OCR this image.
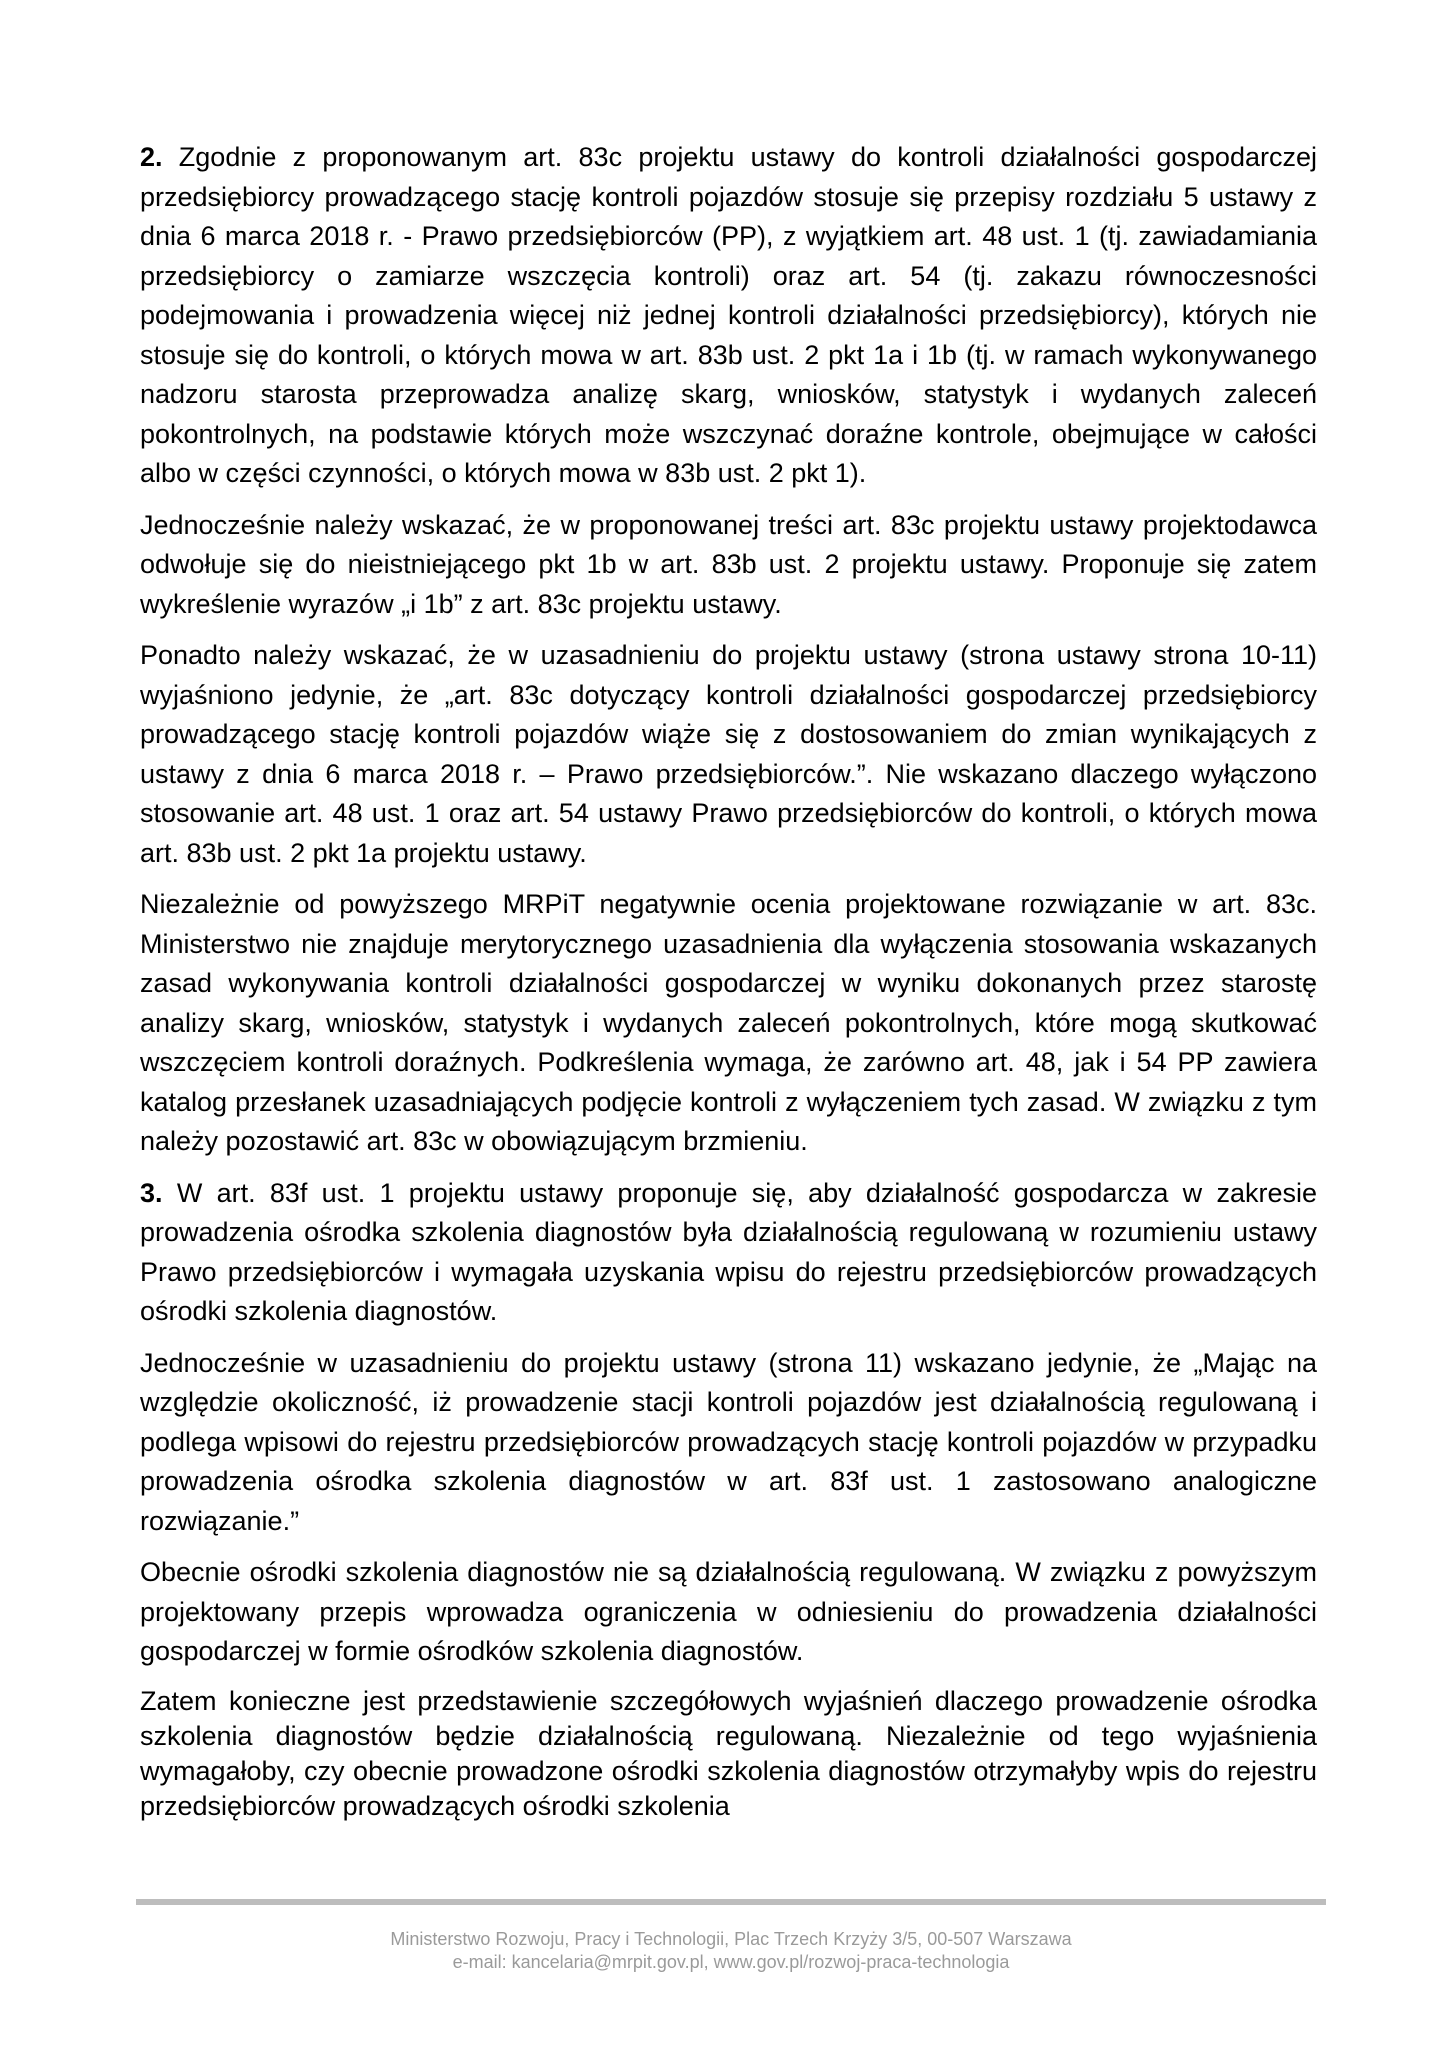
2. Zgodnie z proponowanym art. 83c projektu ustawy do kontroli działalności gospodarczej przedsiębiorcy prowadzącego stację kontroli pojazdów stosuje się przepisy rozdziału 5 ustawy z dnia 6 marca 2018 r. - Prawo przedsiębiorców (PP), z wyjątkiem art. 48 ust. 1 (tj. zawiadamiania przedsiębiorcy o zamiarze wszczęcia kontroli) oraz art. 54 (tj. zakazu równoczesności podejmowania i prowadzenia więcej niż jednej kontroli działalności przedsiębiorcy), których nie stosuje się do kontroli, o których mowa w art. 83b ust. 2 pkt 1a i 1b (tj. w ramach wykonywanego nadzoru starosta przeprowadza analizę skarg, wniosków, statystyk i wydanych zaleceń pokontrolnych, na podstawie których może wszczynać doraźne kontrole, obejmujące w całości albo w części czynności, o których mowa w 83b ust. 2 pkt 1).

Jednocześnie należy wskazać, że w proponowanej treści art. 83c projektu ustawy projektodawca odwołuje się do nieistniejącego pkt 1b w art. 83b ust. 2 projektu ustawy. Proponuje się zatem wykreślenie wyrazów „i 1b” z art. 83c projektu ustawy.

Ponadto należy wskazać, że w uzasadnieniu do projektu ustawy (strona ustawy strona 10-11) wyjaśniono jedynie, że „art. 83c dotyczący kontroli działalności gospodarczej przedsiębiorcy prowadzącego stację kontroli pojazdów wiąże się z dostosowaniem do zmian wynikających z ustawy z dnia 6 marca 2018 r. – Prawo przedsiębiorców.”. Nie wskazano dlaczego wyłączono stosowanie art. 48 ust. 1 oraz art. 54 ustawy Prawo przedsiębiorców do kontroli, o których mowa art. 83b ust. 2 pkt 1a projektu ustawy.

Niezależnie od powyższego MRPiT negatywnie ocenia projektowane rozwiązanie w art. 83c. Ministerstwo nie znajduje merytorycznego uzasadnienia dla wyłączenia stosowania wskazanych zasad wykonywania kontroli działalności gospodarczej w wyniku dokonanych przez starostę analizy skarg, wniosków, statystyk i wydanych zaleceń pokontrolnych, które mogą skutkować wszczęciem kontroli doraźnych. Podkreślenia wymaga, że zarówno art. 48, jak i 54 PP zawiera katalog przesłanek uzasadniających podjęcie kontroli z wyłączeniem tych zasad. W związku z tym należy pozostawić art. 83c w obowiązującym brzmieniu.

3. W art. 83f ust. 1 projektu ustawy proponuje się, aby działalność gospodarcza w zakresie prowadzenia ośrodka szkolenia diagnostów była działalnością regulowaną w rozumieniu ustawy Prawo przedsiębiorców i wymagała uzyskania wpisu do rejestru przedsiębiorców prowadzących ośrodki szkolenia diagnostów.

Jednocześnie w uzasadnieniu do projektu ustawy (strona 11) wskazano jedynie, że „Mając na względzie okoliczność, iż prowadzenie stacji kontroli pojazdów jest działalnością regulowaną i podlega wpisowi do rejestru przedsiębiorców prowadzących stację kontroli pojazdów w przypadku prowadzenia ośrodka szkolenia diagnostów w art. 83f ust. 1 zastosowano analogiczne rozwiązanie.”

Obecnie ośrodki szkolenia diagnostów nie są działalnością regulowaną. W związku z powyższym projektowany przepis wprowadza ograniczenia w odniesieniu do prowadzenia działalności gospodarczej w formie ośrodków szkolenia diagnostów.

Zatem konieczne jest przedstawienie szczegółowych wyjaśnień dlaczego prowadzenie ośrodka szkolenia diagnostów będzie działalnością regulowaną. Niezależnie od tego wyjaśnienia wymagałoby, czy obecnie prowadzone ośrodki szkolenia diagnostów otrzymałyby wpis do rejestru przedsiębiorców prowadzących ośrodki szkolenia

Ministerstwo Rozwoju, Pracy i Technologii, Plac Trzech Krzyży 3/5, 00-507 Warszawa
e-mail: kancelaria@mrpit.gov.pl, www.gov.pl/rozwoj-praca-technologia
